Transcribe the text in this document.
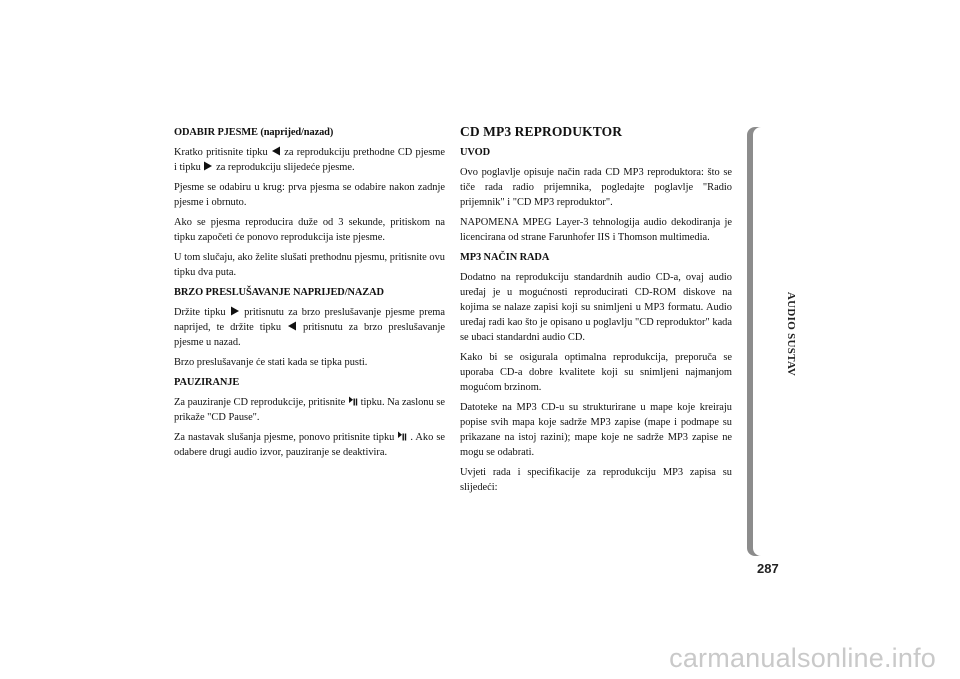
ODABIR PJESME (naprijed/nazad)

Kratko pritisnite tipku za reprodukciju prethodne CD pjesme i tipku za reprodukciju slijedeće pjesme.

Pjesme se odabiru u krug: prva pjesma se odabire nakon zadnje pjesme i obrnuto.

Ako se pjesma reproducira duže od 3 sekunde, pritiskom na tipku započeti će ponovo reprodukcija iste pjesme.

U tom slučaju, ako želite slušati prethodnu pjesmu, pritisnite ovu tipku dva puta.

BRZO PRESLUŠAVANJE NAPRIJED/NAZAD

Držite tipku pritisnutu za brzo preslušavanje pjesme prema naprijed, te držite tipku pritisnutu za brzo preslušavanje pjesme u nazad.

Brzo preslušavanje će stati kada se tipka pusti.

PAUZIRANJE

Za pauziranje CD reprodukcije, pritisnite tipku. Na zaslonu se prikaže "CD Pause".

Za nastavak slušanja pjesme, ponovo pritisnite tipku . Ako se odabere drugi audio izvor, pauziranje se deaktivira.

CD MP3 REPRODUKTOR
UVOD

Ovo poglavlje opisuje način rada CD MP3 reproduktora: što se tiče rada radio prijemnika, pogledajte poglavlje "Radio prijemnik" i "CD MP3 reproduktor".

NAPOMENA MPEG Layer-3 tehnologija audio dekodiranja je licencirana od strane Farunhofer IIS i Thomson multimedia.

MP3 NAČIN RADA

Dodatno na reprodukciju standardnih audio CD-a, ovaj audio uređaj je u mogućnosti reproducirati CD-ROM diskove na kojima se nalaze zapisi koji su snimljeni u MP3 formatu. Audio uređaj radi kao što je opisano u poglavlju "CD reproduktor" kada se ubaci standardni audio CD.

Kako bi se osigurala optimalna reprodukcija, preporuča se uporaba CD-a dobre kvalitete koji su snimljeni najmanjom mogućom brzinom.

Datoteke na MP3 CD-u su strukturirane u mape koje kreiraju popise svih mapa koje sadrže MP3 zapise (mape i podmape su prikazane na istoj razini); mape koje ne sadrže MP3 zapise ne mogu se odabrati.

Uvjeti rada i specifikacije za reprodukciju MP3 zapisa su slijedeći:

AUDIO SUSTAV
287
carmanualsonline.info
